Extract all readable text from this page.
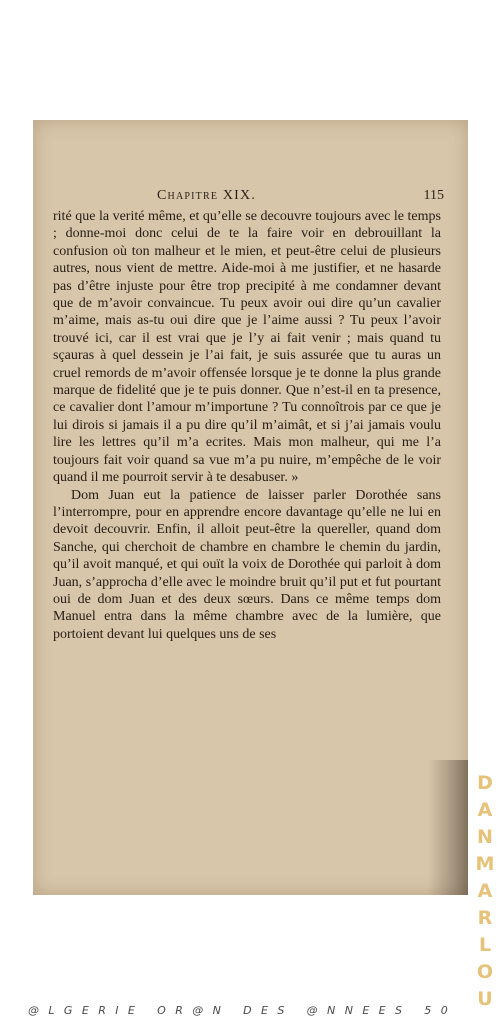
Chapitre XIX.	115

rité que la verité même, et qu’elle se decouvre toujours avec le temps ; donne-moi donc celui de te la faire voir en debrouillant la confusion où ton malheur et le mien, et peut-être celui de plusieurs autres, nous vient de mettre. Aide-moi à me justifier, et ne hasarde pas d’être injuste pour être trop precipité à me condamner devant que de m’avoir convaincue. Tu peux avoir oui dire qu’un cavalier m’aime, mais as-tu oui dire que je l’aime aussi ? Tu peux l’avoir trouvé ici, car il est vrai que je l’y ai fait venir ; mais quand tu sçauras à quel dessein je l’ai fait, je suis assurée que tu auras un cruel remords de m’avoir offensée lorsque je te donne la plus grande marque de fidelité que je te puis donner. Que n’est-il en ta presence, ce cavalier dont l’amour m’importune ? Tu connoîtrois par ce que je lui dirois si jamais il a pu dire qu’il m’aimât, et si j’ai jamais voulu lire les lettres qu’il m’a ecrites. Mais mon malheur, qui me l’a toujours fait voir quand sa vue m’a pu nuire, m’empêche de le voir quand il me pourroit servir à te desabuser. »

Dom Juan eut la patience de laisser parler Dorothée sans l’interrompre, pour en apprendre encore davantage qu’elle ne lui en devoit decouvrir. Enfin, il alloit peut-être la quereller, quand dom Sanche, qui cherchoit de chambre en chambre le chemin du jardin, qu’il avoit manqué, et qui ouït la voix de Dorothée qui parloit à dom Juan, s’approcha d’elle avec le moindre bruit qu’il put et fut pourtant oui de dom Juan et des deux sœurs. Dans ce même temps dom Manuel entra dans la même chambre avec de la lumière, que portoient devant lui quelques uns de ses

D
A
N
M
A
R
L
O
U
@LGERIE OR@N DES @NNEES 50
